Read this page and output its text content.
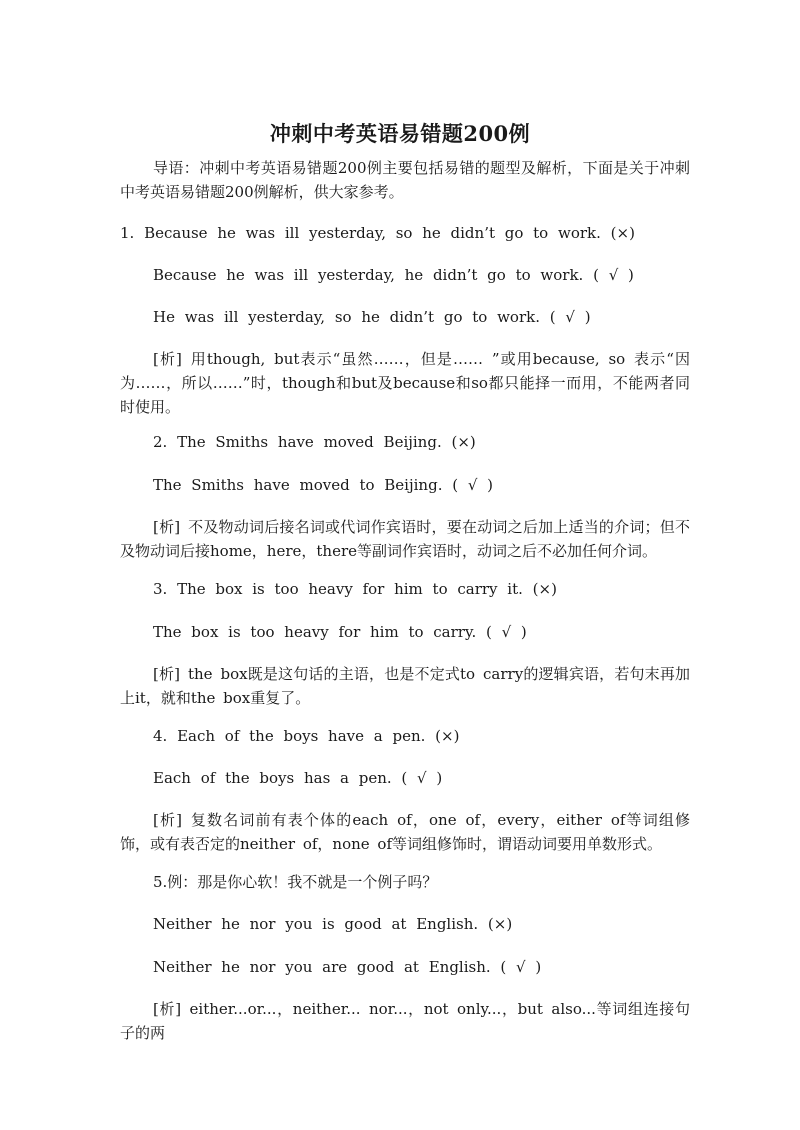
冲刺中考英语易错题200例
导语：冲刺中考英语易错题200例主要包括易错的题型及解析，下面是关于冲刺中考英语易错题200例解析，供大家参考。
1. Because he was ill yesterday, so he didn’t go to work. (×)
Because he was ill yesterday, he didn’t go to work. ( √ )
He was ill yesterday, so he didn’t go to work. ( √ )
[析] 用though, but表示“虽然……，但是…… ”或用because, so 表示“因为……，所以……”时，though和but及because和so都只能择一而用，不能两者同时使用。
2. The Smiths have moved Beijing. (×)
The Smiths have moved to Beijing. ( √ )
[析] 不及物动词后接名词或代词作宾语时，要在动词之后加上适当的介词；但不及物动词后接home，here，there等副词作宾语时，动词之后不必加任何介词。
3. The box is too heavy for him to carry it. (×)
The box is too heavy for him to carry. ( √ )
[析] the box既是这句话的主语，也是不定式to carry的逻辑宾语，若句末再加上it，就和the box重复了。
4. Each of the boys have a pen. (×)
Each of the boys has a pen. ( √ )
[析] 复数名词前有表个体的each of，one of，every，either of等词组修饰，或有表否定的neither of，none of等词组修饰时，谓语动词要用单数形式。
5.例：那是你心软！我不就是一个例子吗？
Neither he nor you is good at English. (×)
Neither he nor you are good at English. ( √ )
[析] either...or...，neither... nor...，not only...，but also...等词组连接句子的两
